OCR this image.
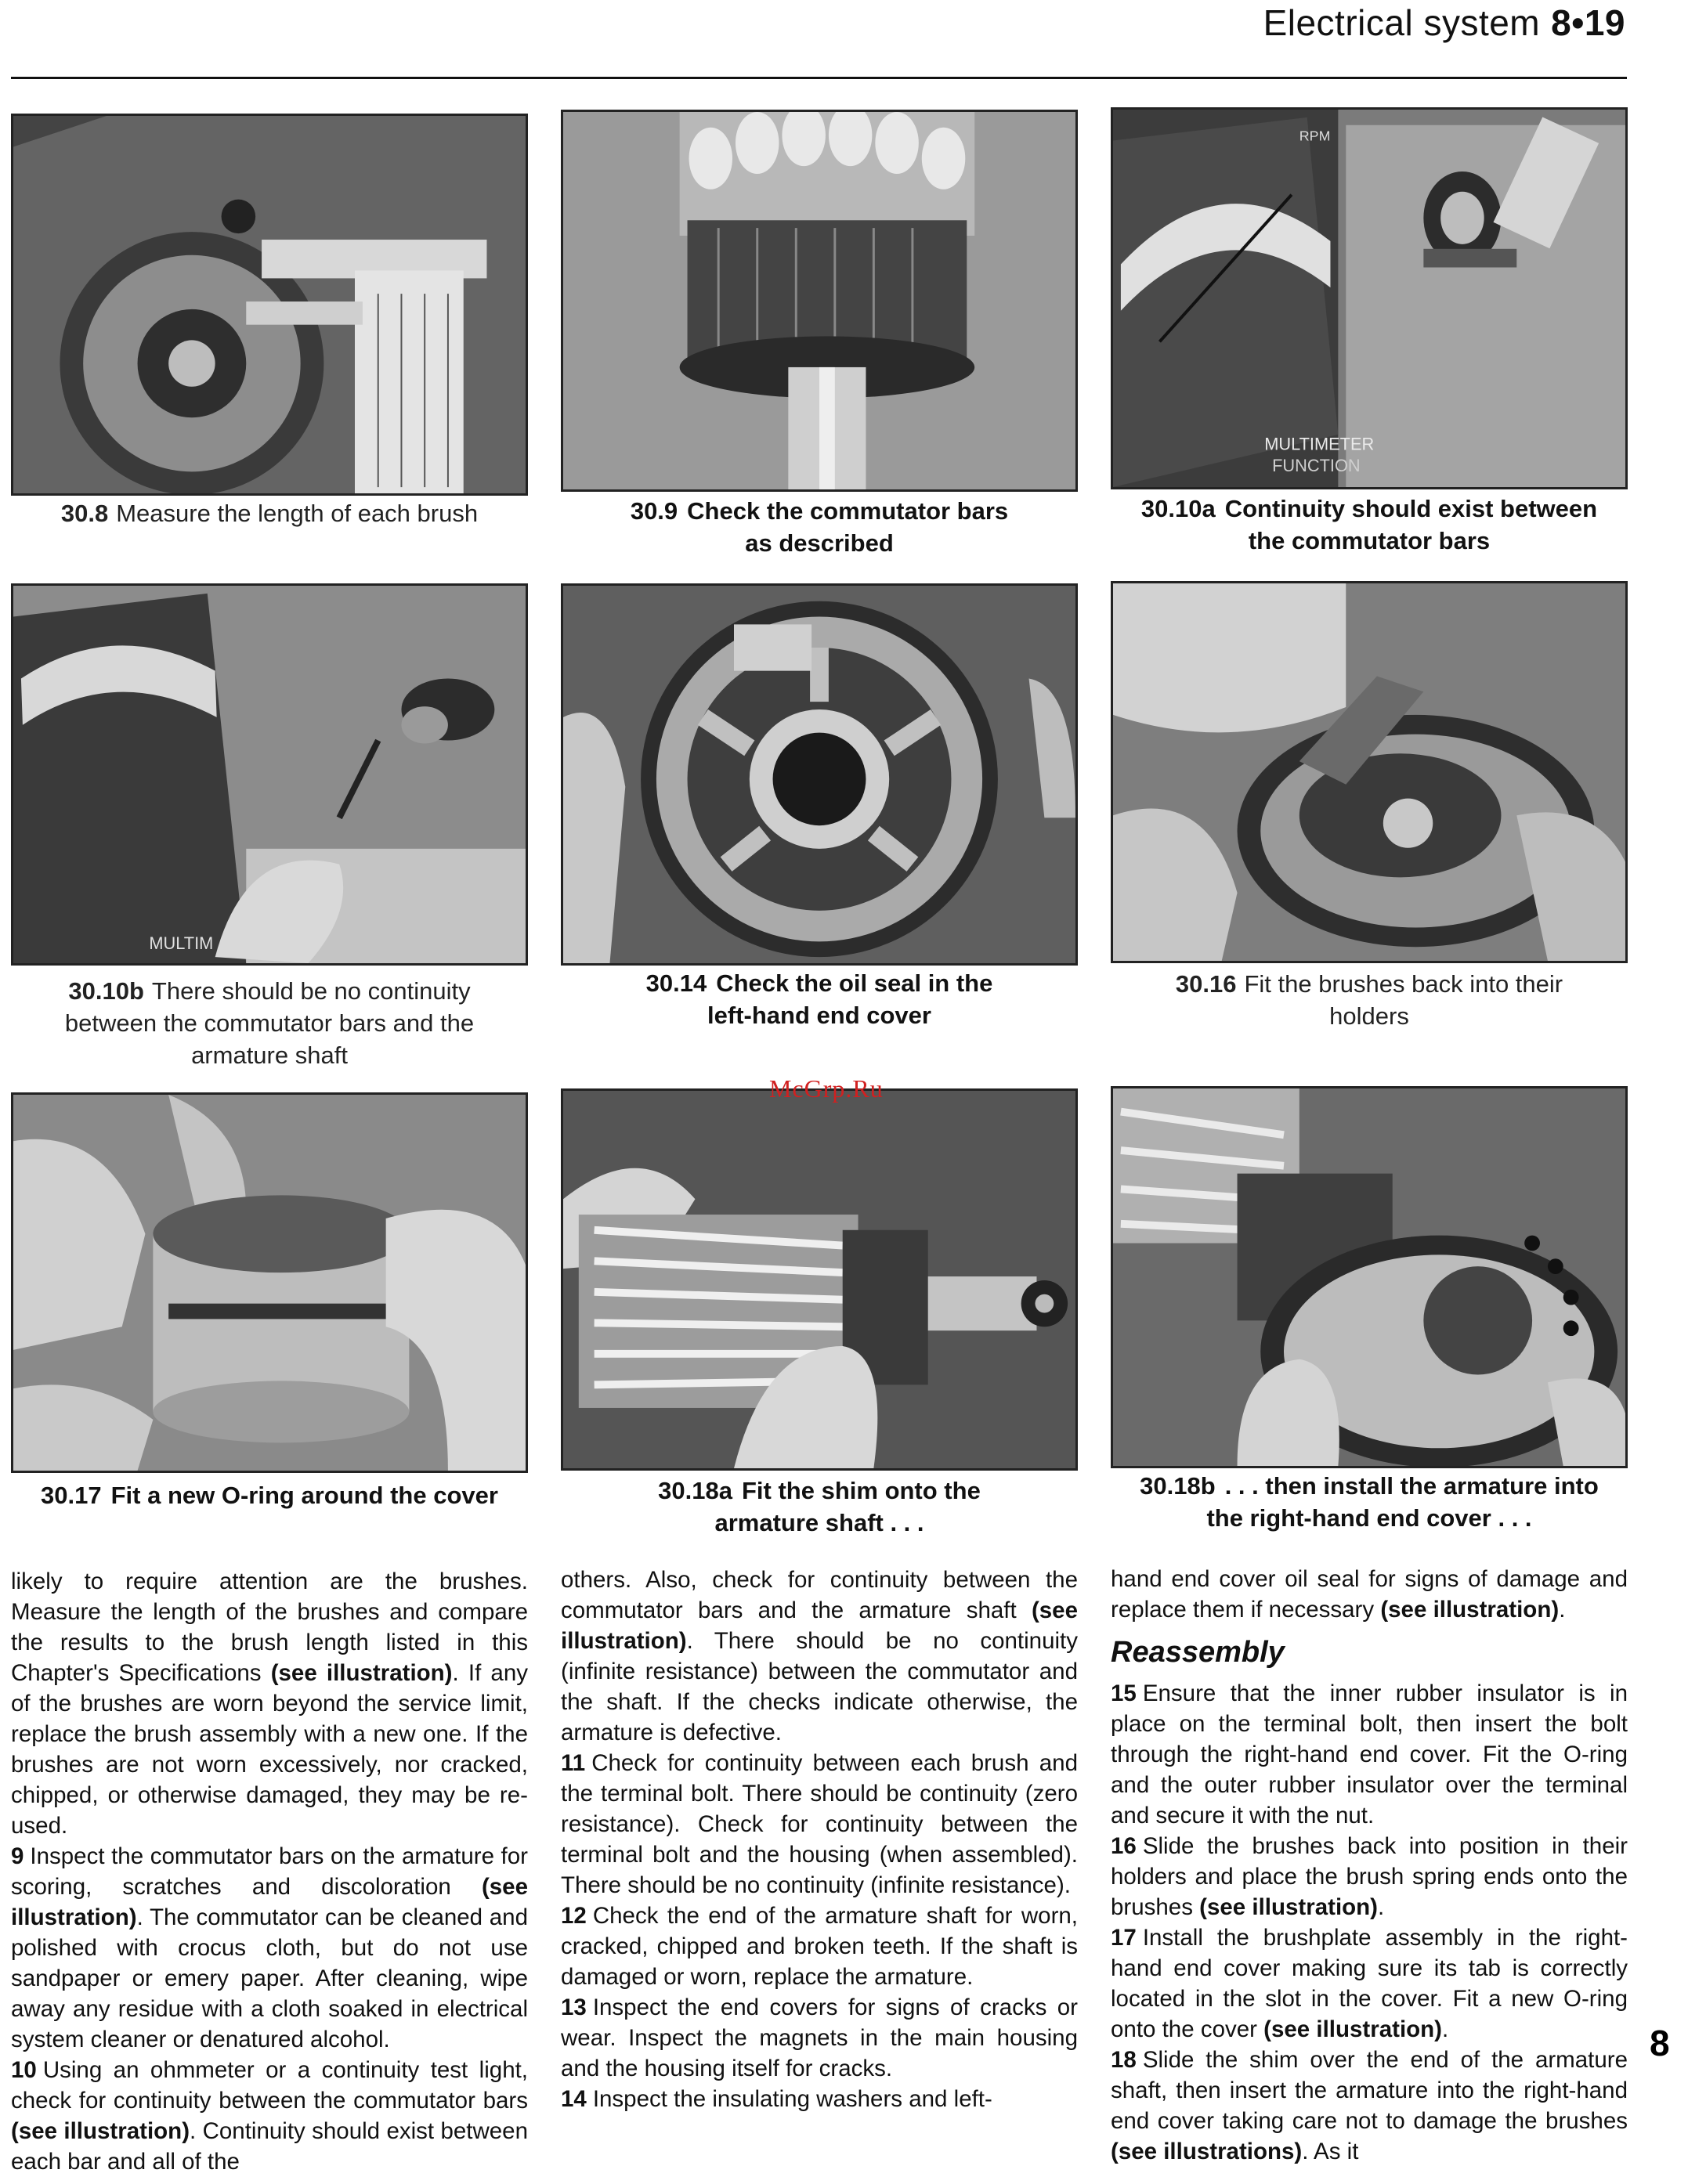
Electrical system 8•19
30.8 Measure the length of each brush	30.9 Check the commutator bars
as described
MULTIMETER
FUNCTION
RPM
30.10a Continuity should exist between
the commutator bars
MULTIM
30.10b There should be no continuity
between the commutator bars and the
armature shaft
30.14 Check the oil seal in the
left-hand end cover
30.16 Fit the brushes back into their
holders
30.17 Fit a new O-ring around the cover	30.18a Fit the shim onto the
armature shaft . . .
30.18b . . . then install the armature into
the right-hand end cover . . .
McGrp.Ru

likely to require attention are the brushes. Measure the length of the brushes and compare the results to the brush length listed in this Chapter's Specifications (see illustration). If any of the brushes are worn beyond the service limit, replace the brush assembly with a new one. If the brushes are not worn excessively, nor cracked, chipped, or otherwise damaged, they may be re-used.

9 Inspect the commutator bars on the armature for scoring, scratches and discoloration (see illustration). The commutator can be cleaned and polished with crocus cloth, but do not use sandpaper or emery paper. After cleaning, wipe away any residue with a cloth soaked in electrical system cleaner or denatured alcohol.

10 Using an ohmmeter or a continuity test light, check for continuity between the commutator bars (see illustration). Continuity should exist between each bar and all of the

others. Also, check for continuity between the commutator bars and the armature shaft (see illustration). There should be no continuity (infinite resistance) between the commutator and the shaft. If the checks indicate otherwise, the armature is defective.

11 Check for continuity between each brush and the terminal bolt. There should be continuity (zero resistance). Check for continuity between the terminal bolt and the housing (when assembled). There should be no continuity (infinite resistance).

12 Check the end of the armature shaft for worn, cracked, chipped and broken teeth. If the shaft is damaged or worn, replace the armature.

13 Inspect the end covers for signs of cracks or wear. Inspect the magnets in the main housing and the housing itself for cracks.

14 Inspect the insulating washers and left-

hand end cover oil seal for signs of damage and replace them if necessary (see illustration).

Reassembly

15 Ensure that the inner rubber insulator is in place on the terminal bolt, then insert the bolt through the right-hand end cover. Fit the O-ring and the outer rubber insulator over the terminal and secure it with the nut.

16 Slide the brushes back into position in their holders and place the brush spring ends onto the brushes (see illustration).

17 Install the brushplate assembly in the right-hand end cover making sure its tab is correctly located in the slot in the cover. Fit a new O-ring onto the cover (see illustration).

18 Slide the shim over the end of the armature shaft, then insert the armature into the right-hand end cover taking care not to damage the brushes (see illustrations). As it

8
